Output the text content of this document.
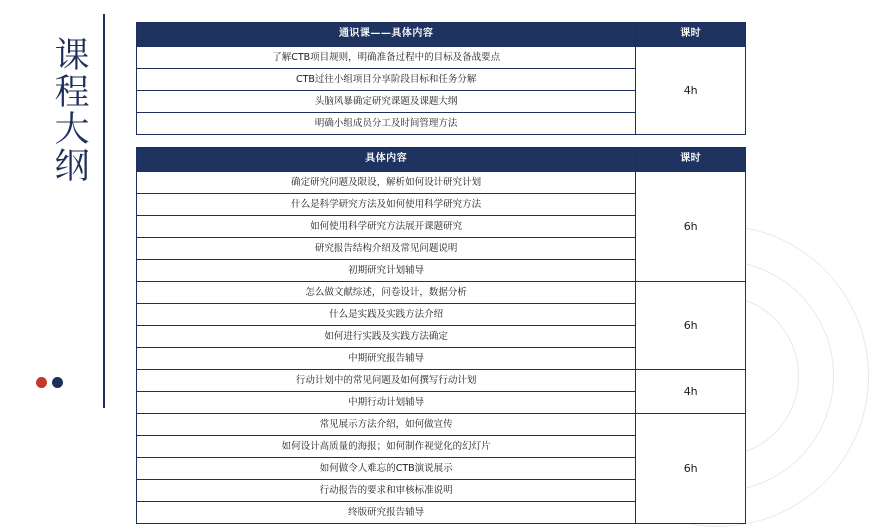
课程大纲
通识课——具体内容	课时
了解CTB项目规则，明确准备过程中的目标及备战要点	4h
CTB过往小组项目分享阶段目标和任务分解	
头脑风暴确定研究课题及课题大纲	
明确小组成员分工及时间管理方法	
具体内容	课时
确定研究问题及限设，解析如何设计研究计划	6h
什么是科学研究方法及如何使用科学研究方法	
如何使用科学研究方法展开课题研究	
研究报告结构介绍及常见问题说明	
初期研究计划辅导	
怎么做文献综述，问卷设计，数据分析	6h
什么是实践及实践方法介绍	
如何进行实践及实践方法确定	
中期研究报告辅导	
行动计划中的常见问题及如何撰写行动计划	4h
中期行动计划辅导	
常见展示方法介绍，如何做宣传	6h
如何设计高质量的海报；如何制作视觉化的幻灯片	
如何做令人难忘的CTB演说展示	
行动报告的要求和审核标准说明	
终版研究报告辅导	
